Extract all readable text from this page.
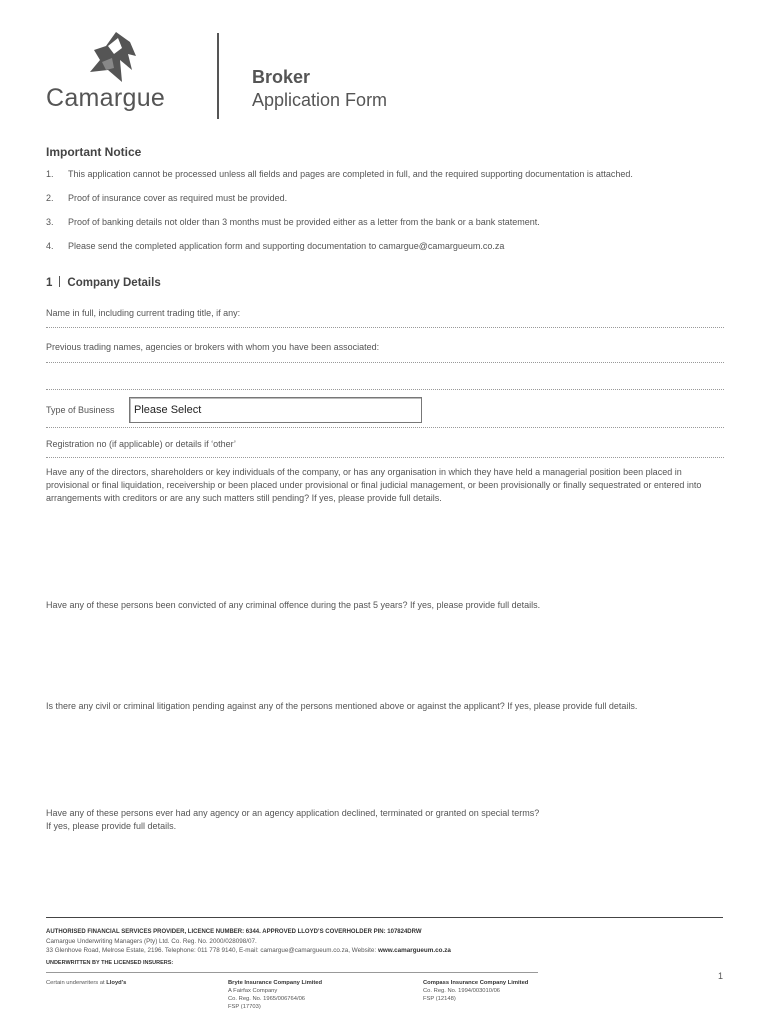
Camargue
Broker
Application Form
Important Notice
1. This application cannot be processed unless all fields and pages are completed in full, and the required supporting documentation is attached.
2. Proof of insurance cover as required must be provided.
3. Proof of banking details not older than 3 months must be provided either as a letter from the bank or a bank statement.
4. Please send the completed application form and supporting documentation to camargue@camargueum.co.za
1 Company Details
Name in full, including current trading title, if any:
Previous trading names, agencies or brokers with whom you have been associated:
Type of Business	Please Select
Registration no (if applicable) or details if ‘other’
Have any of the directors, shareholders or key individuals of the company, or has any organisation in which they have held a managerial position been placed in provisional or final liquidation, receivership or been placed under provisional or final judicial management, or been provisionally or finally sequestrated or entered into arrangements with creditors or are any such matters still pending? If yes, please provide full details.
Have any of these persons been convicted of any criminal offence during the past 5 years? If yes, please provide full details.
Is there any civil or criminal litigation pending against any of the persons mentioned above or against the applicant? If yes, please provide full details.
Have any of these persons ever had any agency or an agency application declined, terminated or granted on special terms?
If yes, please provide full details.
AUTHORISED FINANCIAL SERVICES PROVIDER, LICENCE NUMBER: 6344. APPROVED LLOYD’S COVERHOLDER PIN: 107824DRW
Camargue Underwriting Managers (Pty) Ltd. Co. Reg. No. 2000/028098/07.
33 Glenhove Road, Melrose Estate, 2196. Telephone: 011 778 9140, E-mail: camargue@camargueum.co.za, Website: www.camargueum.co.za
UNDERWRITTEN BY THE LICENSED INSURERS:
Certain underwriters at Lloyd’s	Bryte Insurance Company Limited
A Fairfax Company
Co. Reg. No. 1965/006764/06
FSP (17703)
Compass Insurance Company Limited
Co. Reg. No. 1994/003010/06
FSP (12148)
1
